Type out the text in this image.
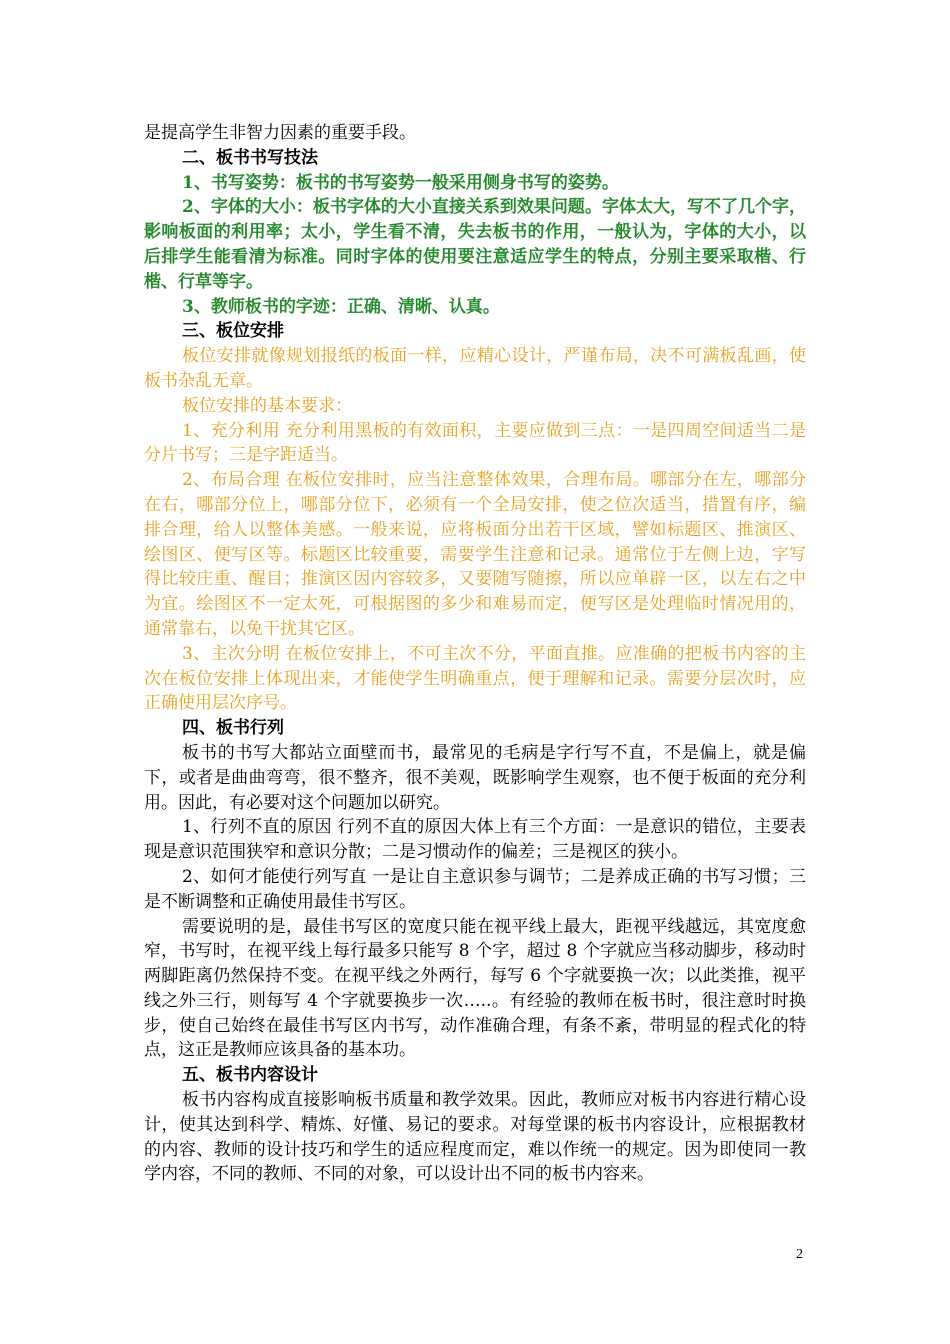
是提高学生非智力因素的重要手段。

二、板书书写技法

1、书写姿势：板书的书写姿势一般采用侧身书写的姿势。

2、字体的大小：板书字体的大小直接关系到效果问题。字体太大，写不了几个字，影响板面的利用率；太小，学生看不清，失去板书的作用，一般认为，字体的大小，以后排学生能看清为标准。同时字体的使用要注意适应学生的特点，分别主要采取楷、行楷、行草等字。

3、教师板书的字迹：正确、清晰、认真。

三、板位安排

板位安排就像规划报纸的板面一样，应精心设计，严谨布局，决不可满板乱画，使板书杂乱无章。

板位安排的基本要求：

1、充分利用 充分利用黑板的有效面积，主要应做到三点：一是四周空间适当二是分片书写；三是字距适当。

2、布局合理 在板位安排时，应当注意整体效果，合理布局。哪部分在左，哪部分在右，哪部分位上，哪部分位下，必须有一个全局安排，使之位次适当，措置有序，编排合理，给人以整体美感。一般来说，应将板面分出若干区域，譬如标题区、推演区、绘图区、便写区等。标题区比较重要，需要学生注意和记录。通常位于左侧上边，字写得比较庄重、醒目；推演区因内容较多，又要随写随擦，所以应单辟一区，以左右之中为宜。绘图区不一定太死，可根据图的多少和难易而定，便写区是处理临时情况用的，通常靠右，以免干扰其它区。

3、主次分明 在板位安排上，不可主次不分，平面直推。应准确的把板书内容的主次在板位安排上体现出来，才能使学生明确重点，便于理解和记录。需要分层次时，应正确使用层次序号。

四、板书行列

板书的书写大都站立面壁而书，最常见的毛病是字行写不直，不是偏上，就是偏下，或者是曲曲弯弯，很不整齐，很不美观，既影响学生观察，也不便于板面的充分利用。因此，有必要对这个问题加以研究。

1、行列不直的原因 行列不直的原因大体上有三个方面：一是意识的错位，主要表现是意识范围狭窄和意识分散；二是习惯动作的偏差；三是视区的狭小。

2、如何才能使行列写直 一是让自主意识参与调节；二是养成正确的书写习惯；三是不断调整和正确使用最佳书写区。

需要说明的是，最佳书写区的宽度只能在视平线上最大，距视平线越远，其宽度愈窄，书写时，在视平线上每行最多只能写 8 个字，超过 8 个字就应当移动脚步，移动时两脚距离仍然保持不变。在视平线之外两行，每写 6 个字就要换一次；以此类推，视平线之外三行，则每写 4 个字就要换步一次…..。有经验的教师在板书时，很注意时时换步，使自己始终在最佳书写区内书写，动作准确合理，有条不紊，带明显的程式化的特点，这正是教师应该具备的基本功。

五、板书内容设计

板书内容构成直接影响板书质量和教学效果。因此，教师应对板书内容进行精心设计，使其达到科学、精炼、好懂、易记的要求。对每堂课的板书内容设计，应根据教材的内容、教师的设计技巧和学生的适应程度而定，难以作统一的规定。因为即使同一教学内容，不同的教师、不同的对象，可以设计出不同的板书内容来。

2
